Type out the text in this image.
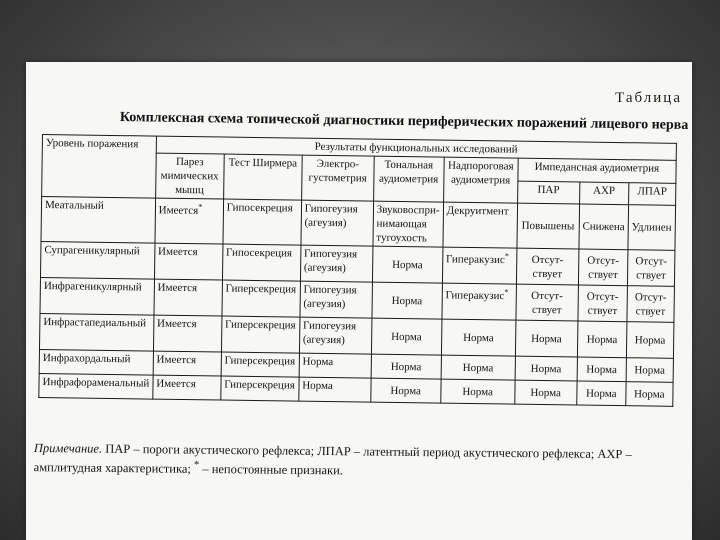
Таблица
Комплексная схема топической диагностики периферических поражений лицевого нерва
Уровень поражения	Результаты функциональных исследований							
	Парез мимических мышц	Тест Ширмера	Электро-густометрия	Тональная аудиометрия	Надпороговая аудиометрия	Импедансная аудиометрия		
						ПАР	АХР	ЛПАР
Меатальный	Имеется*	Гипосекреция	Гипогеузия (агеузия)	Звуковоспри-нимающая тугоухость	Декруитмент	Повышены	Снижена	Удлинен
Супрагеникулярный	Имеется	Гипосекреция	Гипогеузия (агеузия)	Норма	Гиперакузис*	Отсут-ствует	Отсут-ствует	Отсут-ствует
Инфрагеникулярный	Имеется	Гиперсекреция	Гипогеузия (агеузия)	Норма	Гиперакузис*	Отсут-ствует	Отсут-ствует	Отсут-ствует
Инфрастапедиальный	Имеется	Гиперсекреция	Гипогеузия (агеузия)	Норма	Норма	Норма	Норма	Норма
Инфрахордальный	Имеется	Гиперсекреция	Норма	Норма	Норма	Норма	Норма	Норма
Инфрафораменальный	Имеется	Гиперсекреция	Норма	Норма	Норма	Норма	Норма	Норма
Примечание. ПАР – пороги акустического рефлекса; ЛПАР – латентный период акустического рефлекса; АХР – амплитудная характеристика; * – непостоянные признаки.
